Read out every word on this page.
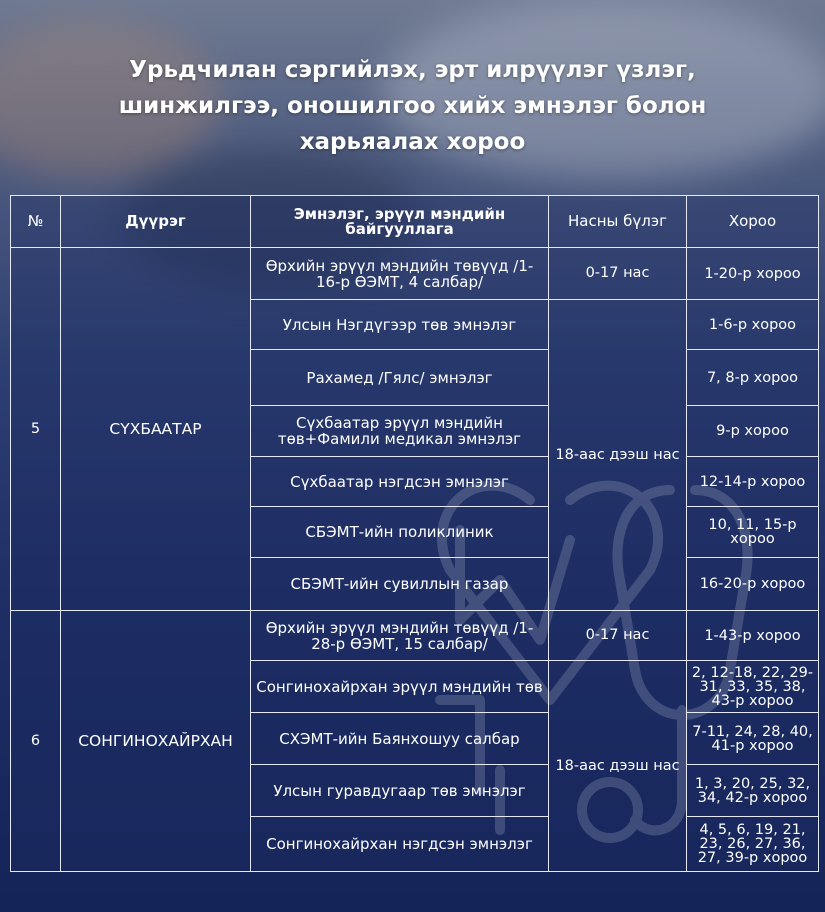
Урьдчилан сэргийлэх, эрт илрүүлэг үзлэг, шинжилгээ, оношилгоо хийх эмнэлэг болон харьяалах хороо
№	Дүүрэг	Эмнэлэг, эрүүл мэндийн байгууллага	Насны бүлэг	Хороо
5	СҮХБААТАР	Өрхийн эрүүл мэндийн төвүүд /1-16-р ӨЭМТ, 4 салбар/	0-17 нас	1-20-р хороо
		Улсын Нэгдүгээр төв эмнэлэг	18-аас дээш нас	1-6-р хороо
		Рахамед /Гялс/ эмнэлэг		7, 8-р хороо
		Сүхбаатар эрүүл мэндийн төв+Фамили медикал эмнэлэг		9-р хороо
		Сүхбаатар нэгдсэн эмнэлэг		12-14-р хороо
		СБЭМТ-ийн поликлиник		10, 11, 15-р хороо
		СБЭМТ-ийн сувиллын газар		16-20-р хороо
6	СОНГИНОХАЙРХАН	Өрхийн эрүүл мэндийн төвүүд /1-28-р ӨЭМТ, 15 салбар/	0-17 нас	1-43-р хороо
		Сонгинохайрхан эрүүл мэндийн төв	18-аас дээш нас	2, 12-18, 22, 29-31, 33, 35, 38, 43-р хороо
		СХЭМТ-ийн Баянхошуу салбар		7-11, 24, 28, 40, 41-р хороо
		Улсын гуравдугаар төв эмнэлэг		1, 3, 20, 25, 32, 34, 42-р хороо
		Сонгинохайрхан нэгдсэн эмнэлэг		4, 5, 6, 19, 21, 23, 26, 27, 36, 27, 39-р хороо
